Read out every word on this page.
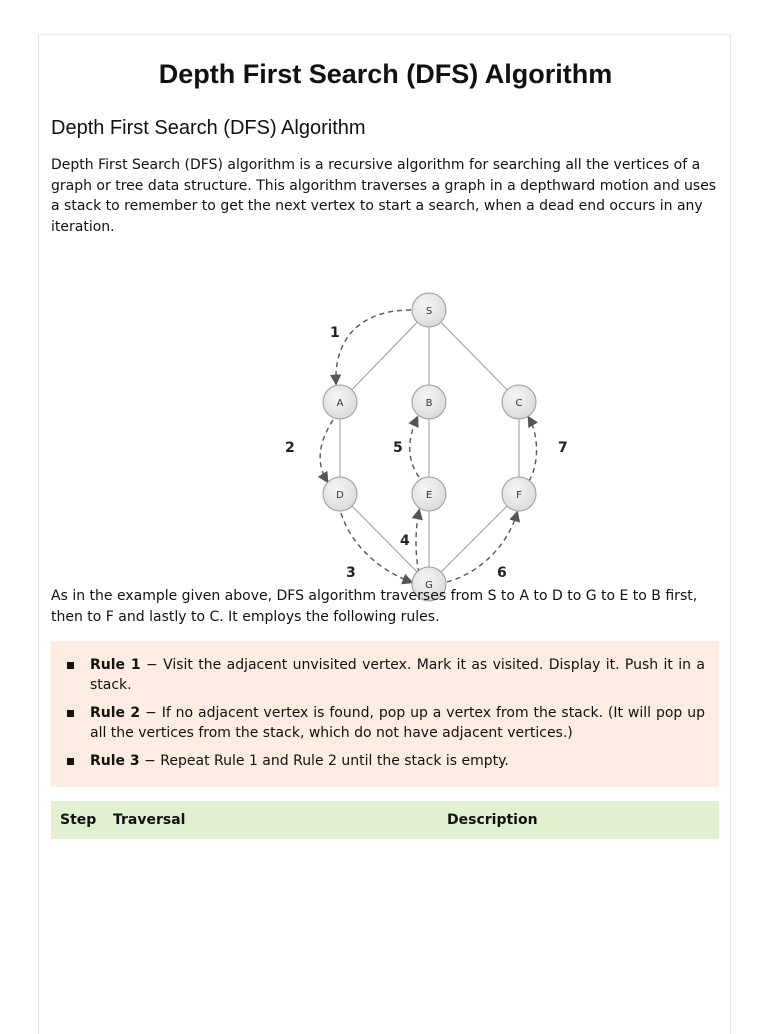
Depth First Search (DFS) Algorithm
Depth First Search (DFS) Algorithm
Depth First Search (DFS) algorithm is a recursive algorithm for searching all the vertices of a graph or tree data structure. This algorithm traverses a graph in a depthward motion and uses a stack to remember to get the next vertex to start a search, when a dead end occurs in any iteration.
1
2
3
4
5
6
7
S
A	B	C
D	E	F
G
As in the example given above, DFS algorithm traverses from S to A to D to G to E to B first, then to F and lastly to C. It employs the following rules.
Rule 1 − Visit the adjacent unvisited vertex. Mark it as visited. Display it. Push it in a stack.
Rule 2 − If no adjacent vertex is found, pop up a vertex from the stack. (It will pop up all the vertices from the stack, which do not have adjacent vertices.)
Rule 3 − Repeat Rule 1 and Rule 2 until the stack is empty.
Step	Traversal	Description
